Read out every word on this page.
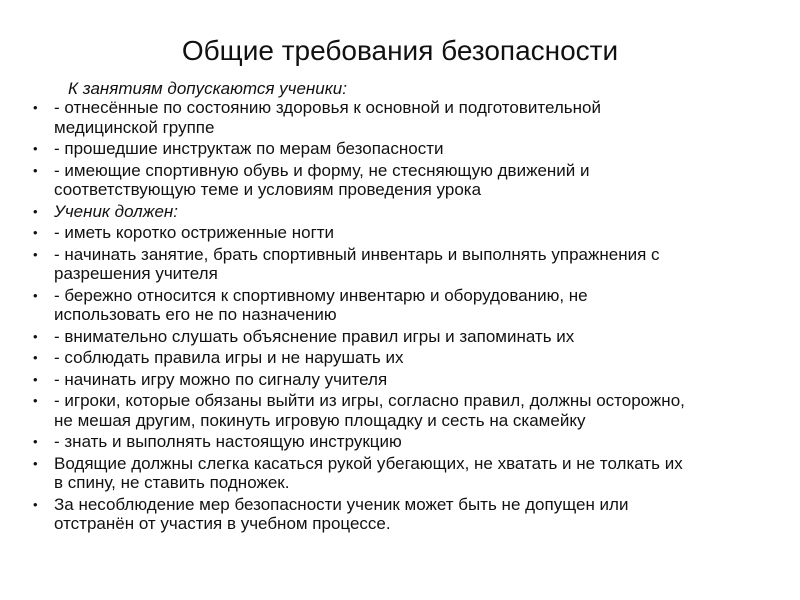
Общие требования безопасности
К занятиям допускаются ученики:
• - отнесённые по состоянию здоровья к основной и подготовительной
медицинской группе
• - прошедшие инструктаж по мерам безопасности
• - имеющие спортивную обувь и форму, не стесняющую движений и
соответствующую теме и условиям проведения урока
• Ученик должен:
• - иметь коротко остриженные ногти
• - начинать занятие, брать спортивный инвентарь и выполнять упражнения с
разрешения учителя
• - бережно относится к спортивному инвентарю и оборудованию, не
использовать его не по назначению
• - внимательно слушать объяснение правил игры и запоминать их
• - соблюдать правила игры и не нарушать их
• - начинать игру можно по сигналу учителя
• - игроки, которые обязаны выйти из игры, согласно правил, должны осторожно,
не мешая другим, покинуть игровую площадку и сесть на скамейку
• - знать и выполнять настоящую инструкцию
• Водящие должны слегка касаться рукой убегающих, не хватать и не толкать их
в спину, не ставить подножек.
• За несоблюдение мер безопасности ученик может быть не допущен или
отстранён от участия в учебном процессе.
